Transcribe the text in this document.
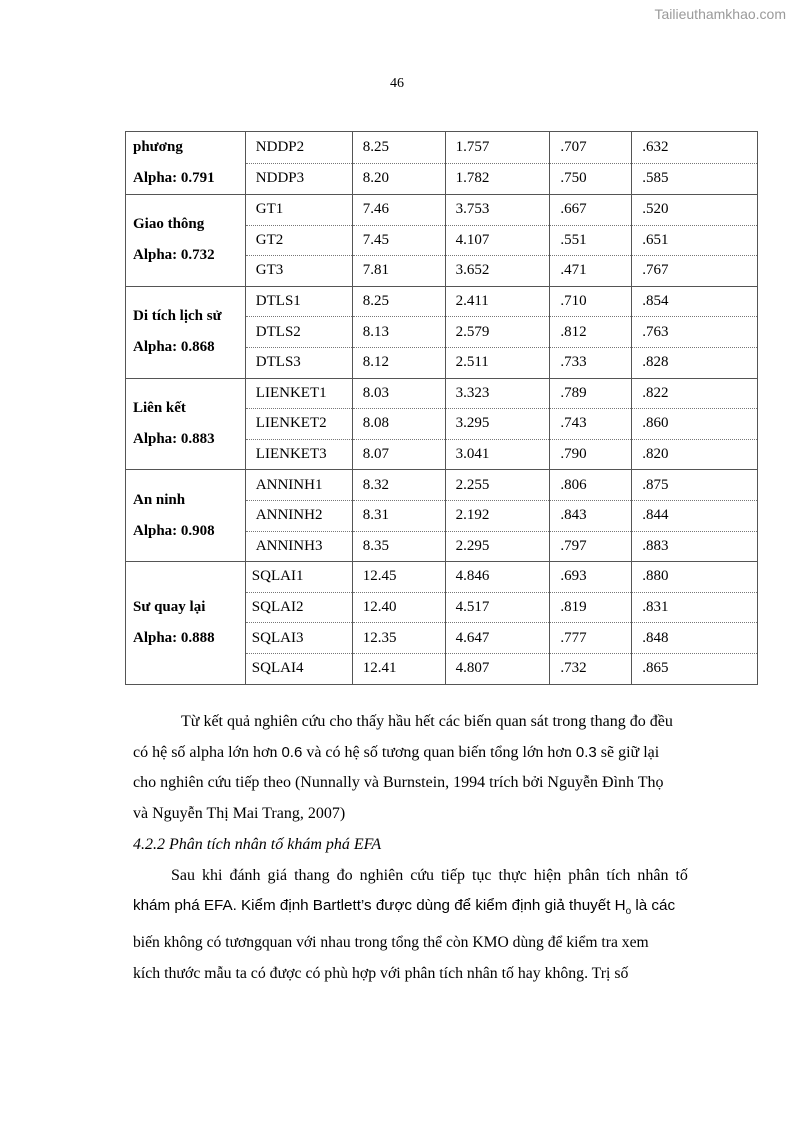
Tailieuthamkhao.com
46
phương
Alpha: 0.791	NDDP2	8.25	1.757	.707	.632
	NDDP3	8.20	1.782	.750	.585

Giao thông
Alpha: 0.732	GT1	7.46	3.753	.667	.520
	GT2	7.45	4.107	.551	.651
	GT3	7.81	3.652	.471	.767

Di tích lịch sử
Alpha: 0.868	DTLS1	8.25	2.411	.710	.854
	DTLS2	8.13	2.579	.812	.763
	DTLS3	8.12	2.511	.733	.828

Liên kết
Alpha: 0.883	LIENKET1	8.03	3.323	.789	.822
	LIENKET2	8.08	3.295	.743	.860
	LIENKET3	8.07	3.041	.790	.820

An ninh
Alpha: 0.908	ANNINH1	8.32	2.255	.806	.875
	ANNINH2	8.31	2.192	.843	.844
	ANNINH3	8.35	2.295	.797	.883

Sư quay lại
Alpha: 0.888	SQLAI1	12.45	4.846	.693	.880
	SQLAI2	12.40	4.517	.819	.831
	SQLAI3	12.35	4.647	.777	.848
	SQLAI4	12.41	4.807	.732	.865

Từ kết quả nghiên cứu cho thấy hầu hết các biến quan sát trong thang đo đều

có hệ số alpha lớn hơn 0.6 và có hệ số tương quan biến tổng lớn hơn 0.3 sẽ giữ lại

cho nghiên cứu tiếp theo (Nunnally và Burnstein, 1994 trích bởi Nguyễn Đình Thọ

và Nguyễn Thị Mai Trang, 2007)

4.2.2 Phân tích nhân tố khám phá EFA

Sau khi đánh giá thang đo nghiên cứu tiếp tục thực hiện phân tích nhân tố

khám phá EFA. Kiểm định Bartlett’s được dùng để kiểm định giả thuyết $H_o$ là các

biến không có tươngquan với nhau trong tổng thể còn KMO dùng để kiểm tra xem

kích thước mẫu ta có được có phù hợp với phân tích nhân tố hay không. Trị số
